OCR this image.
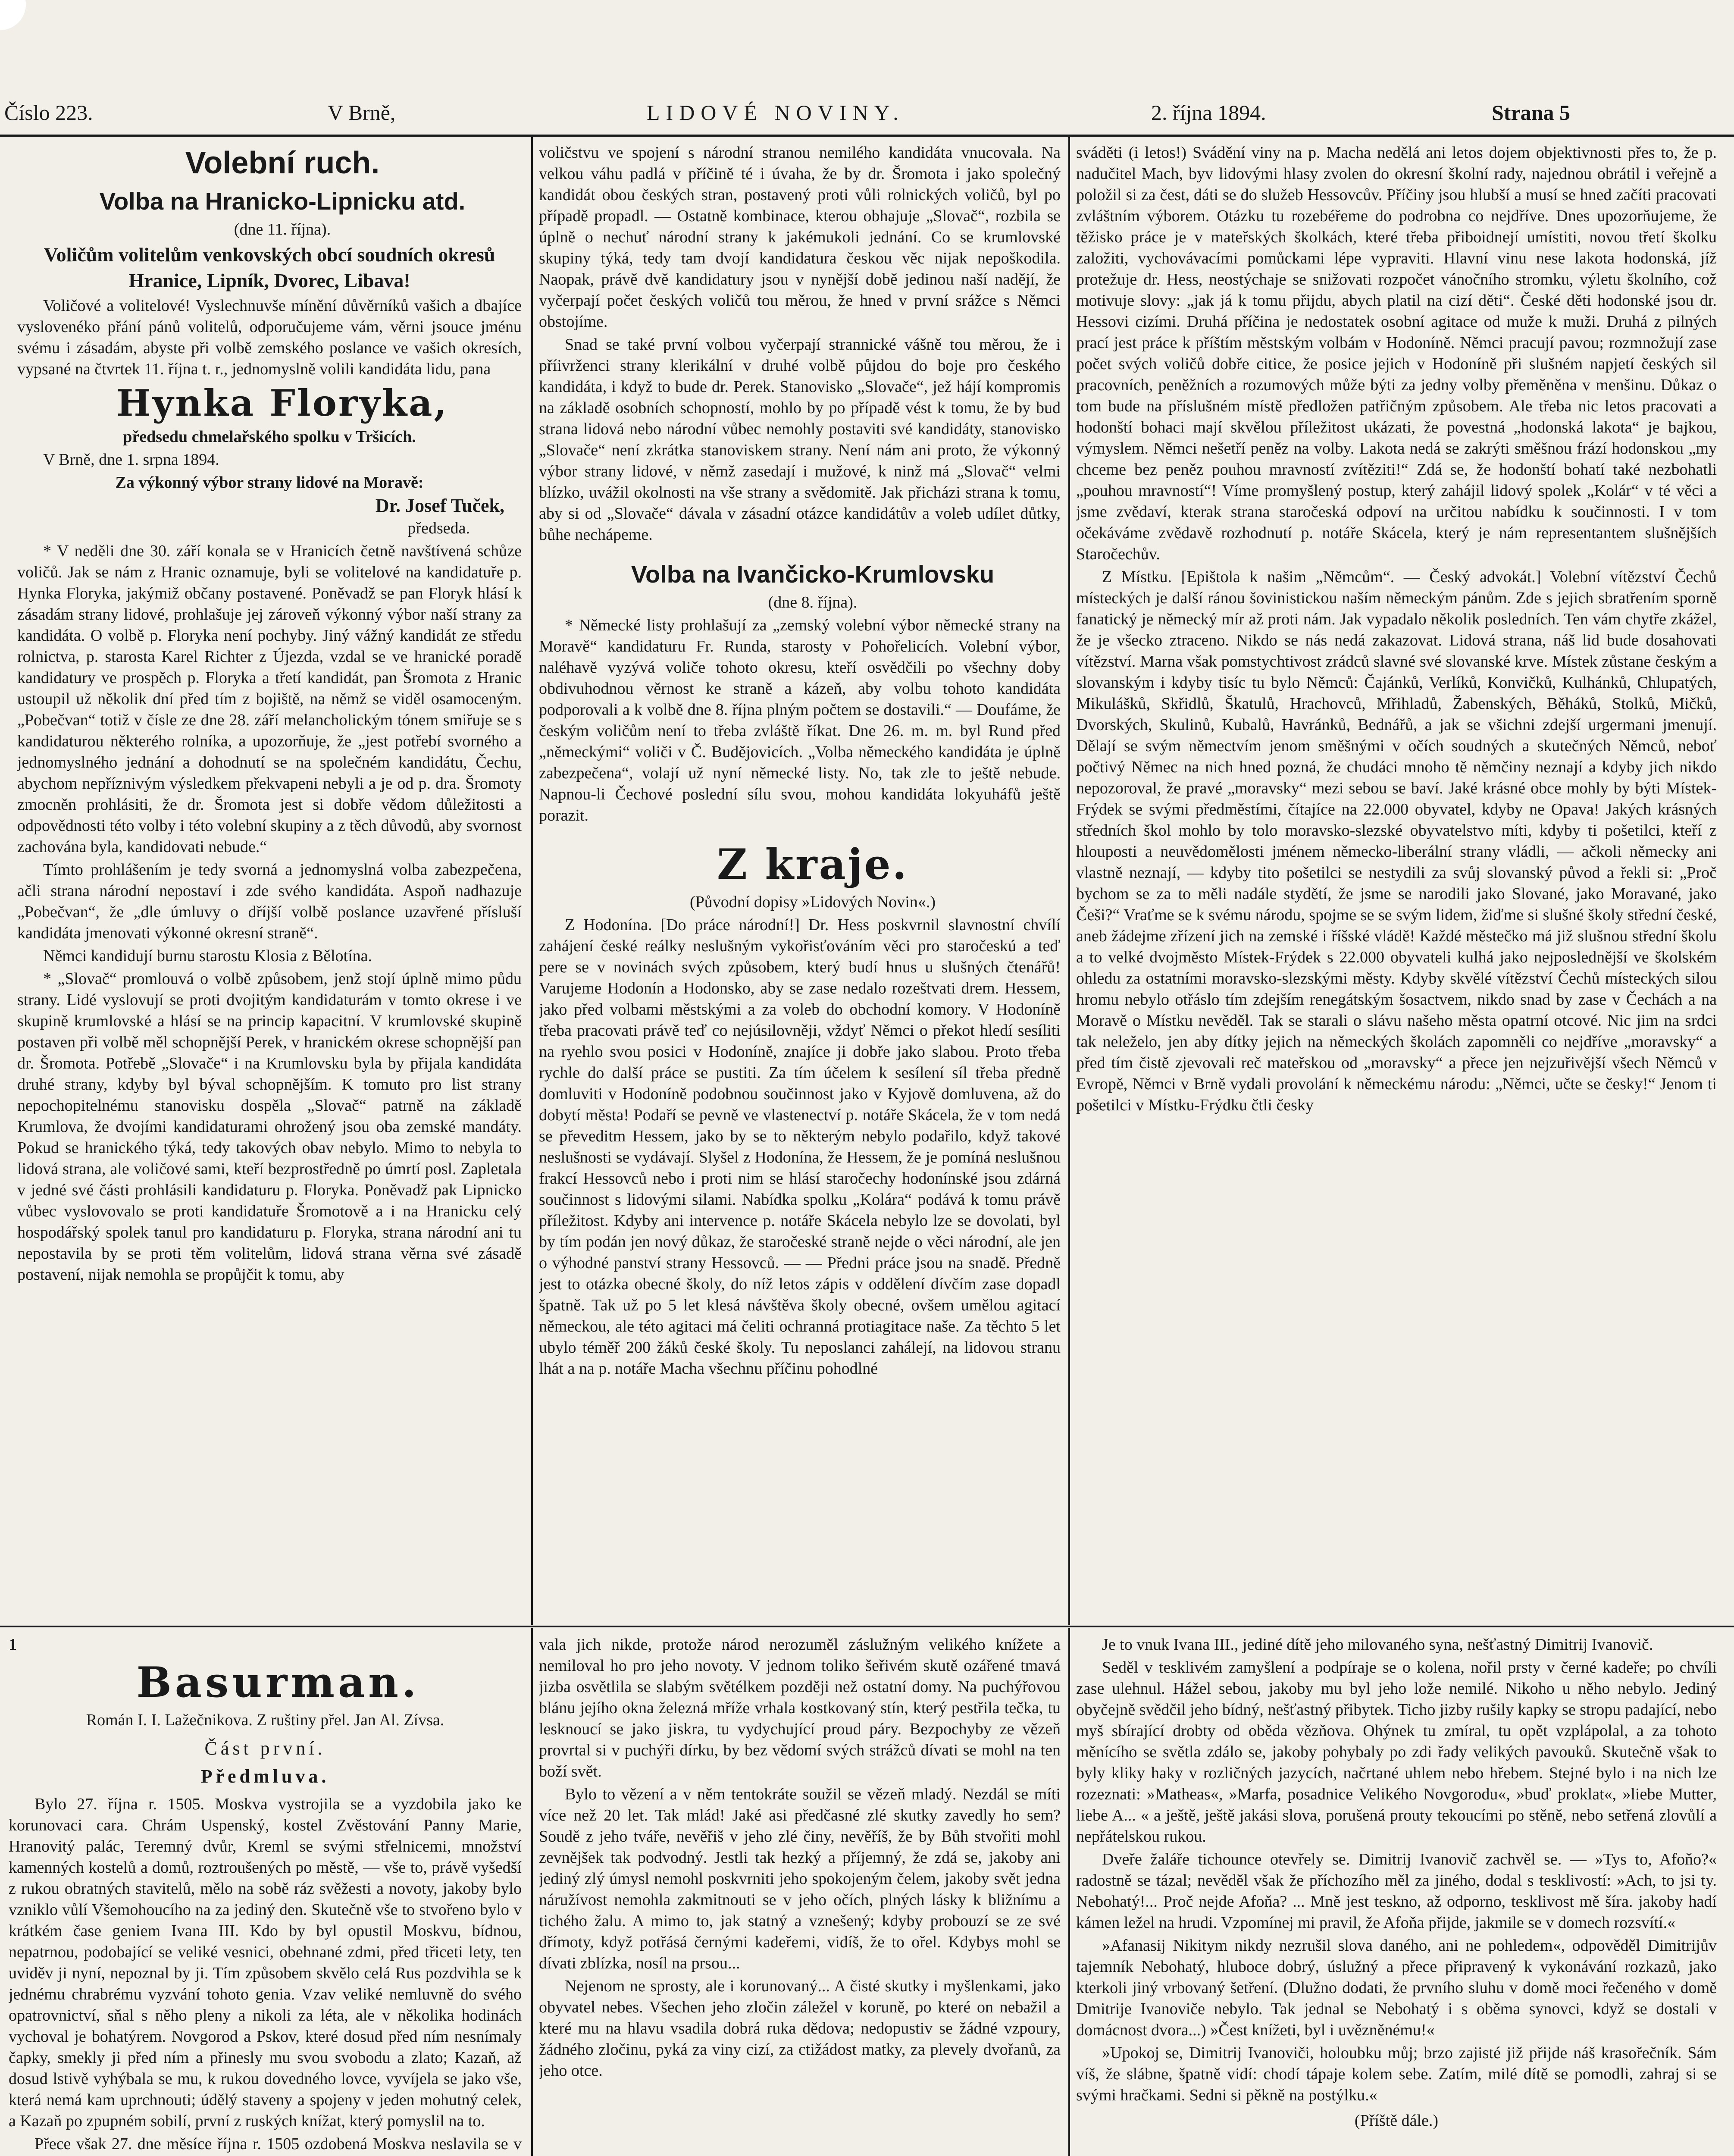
Číslo 223.	V Brně,	LIDOVÉ NOVINY.	2. října 1894.	Strana 5

Volební ruch.

Volba na Hranicko-Lipnicku atd.

(dne 11. října).

Voličům volitelům venkovských obcí soudních okresů Hranice, Lipník, Dvorec, Libava!

Voličové a volitelové! Vyslechnuvše mínění důvěrníků vašich a dbajíce vyslovenéko přání pánů volitelů, odporučujeme vám, věrni jsouce jménu svému i zásadám, abyste při volbě zemského poslance ve vašich okresích, vypsané na čtvrtek 11. října t. r., jednomyslně volili kandidáta lidu, pana

Hynka Floryka,

předsedu chmelařského spolku v Tršicích.

V Brně, dne 1. srpna 1894.

Za výkonný výbor strany lidové na Moravě:

Dr. Josef Tuček,

předseda.

* V neděli dne 30. září konala se v Hranicích četně navštívená schůze voličů. Jak se nám z Hranic oznamuje, byli se volitelové na kandidatuře p. Hynka Floryka, jakýmiž občany postavené. Poněvadž se pan Floryk hlásí k zásadám strany lidové, prohlašuje jej zároveň výkonný výbor naší strany za kandidáta. O volbě p. Floryka není pochyby. Jiný vážný kandidát ze středu rolnictva, p. starosta Karel Richter z Újezda, vzdal se ve hranické poradě kandidatury ve prospěch p. Floryka a třetí kandidát, pan Šromota z Hranic ustoupil už několik dní před tím z bojiště, na němž se viděl osamoceným. „Pobečvan“ totiž v čísle ze dne 28. září melancholickým tónem smiřuje se s kandidaturou některého rolníka, a upozorňuje, že „jest potřebí svorného a jednomyslného jednání a dohodnutí se na společném kandidátu, Čechu, abychom nepříznivým výsledkem překvapeni nebyli a je od p. dra. Šromoty zmocněn prohlásiti, že dr. Šromota jest si dobře vědom důležitosti a odpovědnosti této volby i této volební skupiny a z těch důvodů, aby svornost zachována byla, kandidovati nebude.“

Tímto prohlášením je tedy svorná a jednomyslná volba zabezpečena, ačli strana národní nepostaví i zde svého kandidáta. Aspoň nadhazuje „Pobečvan“, že „dle úmluvy o dříjší volbě poslance uzavřené přísluší kandidáta jmenovati výkonné okresní straně“.

Němci kandidují burnu starostu Klosia z Bělotína.

* „Slovač“ promlouvá o volbě způsobem, jenž stojí úplně mimo půdu strany. Lidé vyslovují se proti dvojitým kandidaturám v tomto okrese i ve skupině krumlovské a hlásí se na princip kapacitní. V krumlovské skupině postaven při volbě měl schopnější Perek, v hranickém okrese schopnější pan dr. Šromota. Potřebě „Slovače“ i na Krumlovsku byla by přijala kandidáta druhé strany, kdyby byl býval schopnějším. K tomuto pro list strany nepochopitelnému stanovisku dospěla „Slovač“ patrně na základě Krumlova, že dvojími kandidaturami ohrožený jsou oba zemské mandáty. Pokud se hranického týká, tedy takových obav nebylo. Mimo to nebyla to lidová strana, ale voličové sami, kteří bezprostředně po úmrtí posl. Zapletala v jedné své části prohlásili kandidaturu p. Floryka. Poněvadž pak Lipnicko vůbec vyslovovalo se proti kandidatuře Šromotově a i na Hranicku celý hospodářský spolek tanul pro kandidaturu p. Floryka, strana národní ani tu nepostavila by se proti těm volitelům, lidová strana věrna své zásadě postavení, nijak nemohla se propůjčit k tomu, aby

voličstvu ve spojení s národní stranou nemilého kandidáta vnucovala. Na velkou váhu padlá v příčině té i úvaha, že by dr. Šromota i jako společný kandidát obou českých stran, postavený proti vůli rolnických voličů, byl po případě propadl. — Ostatně kombinace, kterou obhajuje „Slovač“, rozbila se úplně o nechuť národní strany k jakémukoli jednání. Co se krumlovské skupiny týká, tedy tam dvojí kandidatura českou věc nijak nepoškodila. Naopak, právě dvě kandidatury jsou v nynější době jedinou naší nadějí, že vyčerpají počet českých voličů tou měrou, že hned v první srážce s Němci obstojíme.

Snad se také první volbou vyčerpají strannické vášně tou měrou, že i příivrženci strany klerikální v druhé volbě půjdou do boje pro českého kandidáta, i když to bude dr. Perek. Stanovisko „Slovače“, jež hájí kompromis na základě osobních schopností, mohlo by po případě vést k tomu, že by bud strana lidová nebo národní vůbec nemohly postaviti své kandidáty, stanovisko „Slovače“ není zkrátka stanoviskem strany. Není nám ani proto, že výkonný výbor strany lidové, v němž zasedají i mužové, k ninž má „Slovač“ velmi blízko, uvážil okolnosti na vše strany a svědomitě. Jak přicházi strana k tomu, aby si od „Slovače“ dávala v zásadní otázce kandidátův a voleb udílet důtky, bůhe nechápeme.

Volba na Ivančicko-Krumlovsku

(dne 8. října).

* Německé listy prohlašují za „zemský volební výbor německé strany na Moravě“ kandidaturu Fr. Runda, starosty v Pohořelicích. Volební výbor, naléhavě vyzývá voliče tohoto okresu, kteří osvědčili po všechny doby obdivuhodnou věrnost ke straně a kázeň, aby volbu tohoto kandidáta podporovali a k volbě dne 8. října plným počtem se dostavili.“ — Doufáme, že českým voličům není to třeba zvláště říkat. Dne 26. m. m. byl Rund před „německými“ voliči v Č. Budějovicích. „Volba německého kandidáta je úplně zabezpečena“, volají už nyní německé listy. No, tak zle to ještě nebude. Napnou-li Čechové poslední sílu svou, mohou kandidáta lokyuháfů ještě porazit.

Z kraje.

(Původní dopisy »Lidových Novin«.)

Z Hodonína. [Do práce národní!] Dr. Hess poskvrnil slavnostní chvílí zahájení české reálky neslušným vykořisťováním věci pro staročeskú a teď pere se v novinách svých způsobem, který budí hnus u slušných čtenářů! Varujeme Hodonín a Hodonsko, aby se zase nedalo rozeštvati drem. Hessem, jako před volbami městskými a za voleb do obchodní komory. V Hodoníně třeba pracovati právě teď co nejúsilovněji, vždyť Němci o překot hledí sesíliti na ryehlo svou posici v Hodoníně, znajíce ji dobře jako slabou. Proto třeba rychle do další práce se pustiti. Za tím účelem k sesílení síl třeba předně domluviti v Hodoníně podobnou součinnost jako v Kyjově domluvena, až do dobytí města! Podaří se pevně ve vlastenectví p. notáře Skácela, že v tom nedá se převeditm Hessem, jako by se to některým nebylo podařilo, když takové neslušnosti se vydávají. Slyšel z Hodonína, že Hessem, že je pomíná neslušnou frakcí Hessovců nebo i proti nim se hlásí staročechy hodonínské jsou zdárná součinnost s lidovými silami. Nabídka spolku „Kolára“ podává k tomu právě příležitost. Kdyby ani intervence p. notáře Skácela nebylo lze se dovolati, byl by tím podán jen nový důkaz, že staročeské straně nejde o věci národní, ale jen o výhodné panství strany Hessovců. — — Předni práce jsou na snadě. Předně jest to otázka obecné školy, do níž letos zápis v oddělení dívčím zase dopadl špatně. Tak už po 5 let klesá návštěva školy obecné, ovšem umělou agitací německou, ale této agitaci má čeliti ochranná protiagitace naše. Za těchto 5 let ubylo téměř 200 žáků české školy. Tu neposlanci zahálejí, na lidovou stranu lhát a na p. notáře Macha všechnu příčinu pohodlné

sváděti (i letos!) Svádění viny na p. Macha nedělá ani letos dojem objektivnosti přes to, že p. nadučitel Mach, byv lidovými hlasy zvolen do okresní školní rady, najednou obrátil i veřejně a položil si za čest, dáti se do služeb Hessovcův. Příčiny jsou hlubší a musí se hned začíti pracovati zvláštním výborem. Otázku tu rozebéřeme do podrobna co nejdříve. Dnes upozorňujeme, že těžisko práce je v mateřských školkách, které třeba přiboidnejí umístiti, novou třetí školku založiti, vychovávacími pomůckami lépe vypraviti. Hlavní vinu nese lakota hodonská, jíž protežuje dr. Hess, neostýchaje se snižovati rozpočet vánočního stromku, výletu školního, což motivuje slovy: „jak já k tomu přijdu, abych platil na cizí děti“. České děti hodonské jsou dr. Hessovi cizími. Druhá příčina je nedostatek osobní agitace od muže k muži. Druhá z pilných prací jest práce k příštím městským volbám v Hodoníně. Němci pracují pavou; rozmnožují zase počet svých voličů dobře citice, že posice jejich v Hodoníně při slušném napjetí českých sil pracovních, peněžních a rozumových může býti za jedny volby přeměněna v menšinu. Důkaz o tom bude na příslušném místě předložen patřičným způsobem. Ale třeba nic letos pracovati a hodonští bohaci mají skvělou příležitost ukázati, že povestná „hodonská lakota“ je bajkou, výmyslem. Němci nešetří peněz na volby. Lakota nedá se zakrýti směšnou frází hodonskou „my chceme bez peněz pouhou mravností zvítěziti!“ Zdá se, že hodonští bohatí také nezbohatli „pouhou mravností“! Víme promyšlený postup, který zahájil lidový spolek „Kolár“ v té věci a jsme zvědaví, kterak strana staročeská odpoví na určitou nabídku k součinnosti. I v tom očekáváme zvědavě rozhodnutí p. notáře Skácela, který je nám representantem slušnějších Staročechův.

Z Místku. [Epištola k našim „Němcům“. — Český advokát.] Volební vítězství Čechů místeckých je další ránou šovinistickou naším německým pánům. Zde s jejich sbratřením sporně fanatický je německý mír až proti nám. Jak vypadalo několik posledních. Ten vám chytře zkážel, že je všecko ztraceno. Nikdo se nás nedá zakazovat. Lidová strana, náš lid bude dosahovati vítězství. Marna však pomstychtivost zrádců slavné své slovanské krve. Místek zůstane českým a slovanským i kdyby tisíc tu bylo Němců: Čajánků, Verlíků, Konvičků, Kulhánků, Chlupatých, Mikulášků, Skřidlů, Škatulů, Hrachovců, Mřihladů, Žabenských, Běháků, Stolků, Mičků, Dvorských, Skulinů, Kubalů, Havránků, Bednářů, a jak se všichni zdejší urgermani jmenují. Dělají se svým němectvím jenom směšnými v očích soudných a skutečných Němců, neboť počtivý Němec na nich hned pozná, že chudáci mnoho tě němčiny neznají a kdyby jich nikdo nepozoroval, že pravé „moravsky“ mezi sebou se baví. Jaké krásné obce mohly by býti Místek-Frýdek se svými předměstími, čítajíce na 22.000 obyvatel, kdyby ne Opava! Jakých krásných středních škol mohlo by tolo moravsko-slezské obyvatelstvo míti, kdyby ti pošetilci, kteří z hlouposti a neuvědomělosti jménem německo-liberální strany vládli, — ačkoli německy ani vlastně neznají, — kdyby tito pošetilci se nestydili za svůj slovanský původ a řekli si: „Proč bychom se za to měli nadále stydětí, že jsme se narodili jako Slované, jako Moravané, jako Češi?“ Vraťme se k svému národu, spojme se se svým lidem, žiďme si slušné školy střední české, aneb žádejme zřízení jich na zemské i říšské vládě! Každé městečko má již slušnou střední školu a to velké dvojměsto Místek-Frýdek s 22.000 obyvateli kulhá jako nejposlednější ve školském ohledu za ostatními moravsko-slezskými městy. Kdyby skvělé vítězství Čechů místeckých silou hromu nebylo otřáslo tím zdejším renegátským šosactvem, nikdo snad by zase v Čechách a na Moravě o Místku nevěděl. Tak se starali o slávu našeho města opatrní otcové. Nic jim na srdci tak neleželo, jen aby dítky jejich na německých školách zapomněli co nejdříve „moravsky“ a před tím čistě zjevovali reč mateřskou od „moravsky“ a přece jen nejzuřivější všech Němců v Evropě, Němci v Brně vydali provolání k německému národu: „Němci, učte se česky!“ Jenom ti pošetilci v Místku-Frýdku čtli česky

1

Basurman.

Román I. I. Lažečnikova. Z ruštiny přel. Jan Al. Zívsa.

Část první.

Předmluva.

Bylo 27. října r. 1505. Moskva vystrojila se a vyzdobila jako ke korunovaci cara. Chrám Uspenský, kostel Zvěstování Panny Marie, Hranovitý palác, Teremný dvůr, Kreml se svými střelnicemi, množství kamenných kostelů a domů, roztroušených po městě, — vše to, právě vyšedší z rukou obratných stavitelů, mělo na sobě ráz svěžesti a novoty, jakoby bylo vzniklo vůlí Všemohoucího na za jediný den. Skutečně vše to stvořeno bylo v krátkém čase geniem Ivana III. Kdo by byl opustil Moskvu, bídnou, nepatrnou, podobající se veliké vesnici, obehnané zdmi, před třiceti lety, ten uviděv ji nyní, nepoznal by ji. Tím způsobem skvělo celá Rus pozdvihla se k jednému chrabrému vyzvání tohoto genia. Vzav veliké nemluvně do svého opatrovnictví, sňal s něho pleny a nikoli za léta, ale v několika hodinách vychoval je bohatýrem. Novgorod a Pskov, které dosud před ním nesnímaly čapky, smekly ji před ním a přinesly mu svou svobodu a zlato; Kazaň, až dosud lstivě vyhýbala se mu, k rukou dovedného lovce, vyvíjela se jako vše, která nemá kam uprchnouti; údělý staveny a spojeny v jeden mohutný celek, a Kazaň po zpupném sobilí, první z ruských knížat, který pomyslil na to.

Přece však 27. dne měsíce října r. 1505 ozdobená Moskva neslavila se v

vala jich nikde, protože národ nerozuměl záslužným velikého knížete a nemiloval ho pro jeho novoty. V jednom toliko šeřivém skutě ozářené tmavá jizba osvětlila se slabým světélkem později než ostatní domy. Na puchýřovou blánu jejího okna železná mříže vrhala kostkovaný stín, který pestřila tečka, tu lesknoucí se jako jiskra, tu vydychující proud páry. Bezpochyby ze vězeň provrtal si v puchýři dírku, by bez vědomí svých strážců dívati se mohl na ten boží svět.

Bylo to vězení a v něm tentokráte soužil se vězeň mladý. Nezdál se míti více než 20 let. Tak mlád! Jaké asi předčasné zlé skutky zavedly ho sem? Soudě z jeho tváře, nevěřiš v jeho zlé činy, nevěříš, že by Bůh stvořiti mohl zevnějšek tak podvodný. Jestli tak hezký a příjemný, že zdá se, jakoby ani jediný zlý úmysl nemohl poskvrniti jeho spokojeným čelem, jakoby svět jedna náružívost nemohla zakmitnouti se v jeho očích, plných lásky k bližnímu a tichého žalu. A mimo to, jak statný a vznešený; kdyby probouzí se ze své dřímoty, když potřásá černými kadeřemi, vidíš, že to ořel. Kdybys mohl se dívati zblízka, nosíl na prsou...

Nejenom ne sprosty, ale i korunovaný... A čisté skutky i myšlenkami, jako obyvatel nebes. Všechen jeho zločin záležel v koruně, po které on nebažil a které mu na hlavu vsadila dobrá ruka dědova; nedopustiv se žádné vzpoury, žádného zločinu, pyká za viny cizí, za ctižádost matky, za plevely dvořanů, za jeho otce.

Je to vnuk Ivana III., jediné dítě jeho milovaného syna, nešťastný Dimitrij Ivanovič.

Seděl v tesklivém zamyšlení a podpíraje se o kolena, nořil prsty v černé kadeře; po chvíli zase ulehnul. Hážel sebou, jakoby mu byl jeho lože nemilé. Nikoho u něho nebylo. Jediný obyčejně svědčil jeho bídný, nešťastný přibytek. Ticho jizby rušily kapky se stropu padající, nebo myš sbírající drobty od oběda vězňova. Ohýnek tu zmíral, tu opět vzplápolal, a za tohoto měnícího se světla zdálo se, jakoby pohybaly po zdi řady velikých pavouků. Skutečně však to byly kliky haky v rozličných jazycích, načrtané uhlem nebo hřebem. Stejné bylo i na nich lze rozeznati: »Matheas«, »Marfa, posadnice Velikého Novgorodu«, »buď proklat«, »liebe Mutter, liebe A... « a ještě, ještě jakási slova, porušená prouty tekoucími po stěně, nebo setřená zlovůlí a nepřátelskou rukou.

Dveře žaláře tichounce otevřely se. Dimitrij Ivanovič zachvěl se. — »Tys to, Afoňo?« radostně se tázal; nevěděl však že příchozího měl za jiného, dodal s tesklivostí: »Ach, to jsi ty. Nebohatý!... Proč nejde Afoňa? ... Mně jest teskno, až odporno, tesklivost mě šíra. jakoby hadí kámen ležel na hrudi. Vzpomínej mi pravil, že Afoňa přijde, jakmile se v domech rozsvítí.«

»Afanasij Nikitym nikdy nezrušil slova daného, ani ne pohledem«, odpověděl Dimitrijův tajemník Nebohatý, hluboce dobrý, úslužný a přece připravený k vykonávání rozkazů, jako kterkoli jiný vrbovaný šetření. (Dlužno dodati, že prvního sluhu v domě moci řečeného v domě Dmitrije Ivanoviče nebylo. Tak jednal se Nebohatý i s oběma synovci, když se dostali v domácnost dvora...) »Čest knížeti, byl i uvězněnému!«

»Upokoj se, Dimitrij Ivanoviči, holoubku můj; brzo zajisté již přijde náš krasořečník. Sám víš, že slábne, špatně vidí: chodí tápaje kolem sebe. Zatím, milé dítě se pomodli, zahraj si se svými hračkami. Sedni si pěkně na postýlku.«

(Příště dále.)
